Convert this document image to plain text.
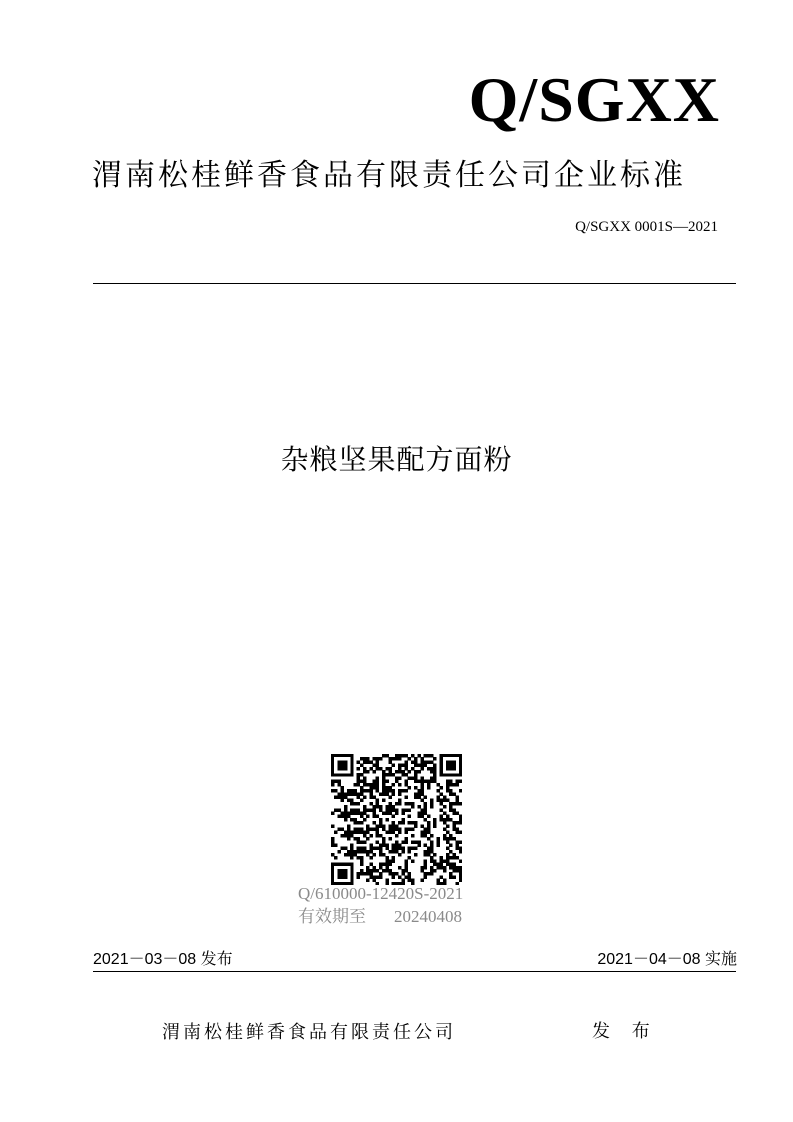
Q/SGXX
渭南松桂鲜香食品有限责任公司企业标准
Q/SGXX 0001S—2021
杂粮坚果配方面粉
Q/610000-12420S-2021
有效期至 20240408
2021－03－08 发布	2021－04－08 实施
渭南松桂鲜香食品有限责任公司	发 布
